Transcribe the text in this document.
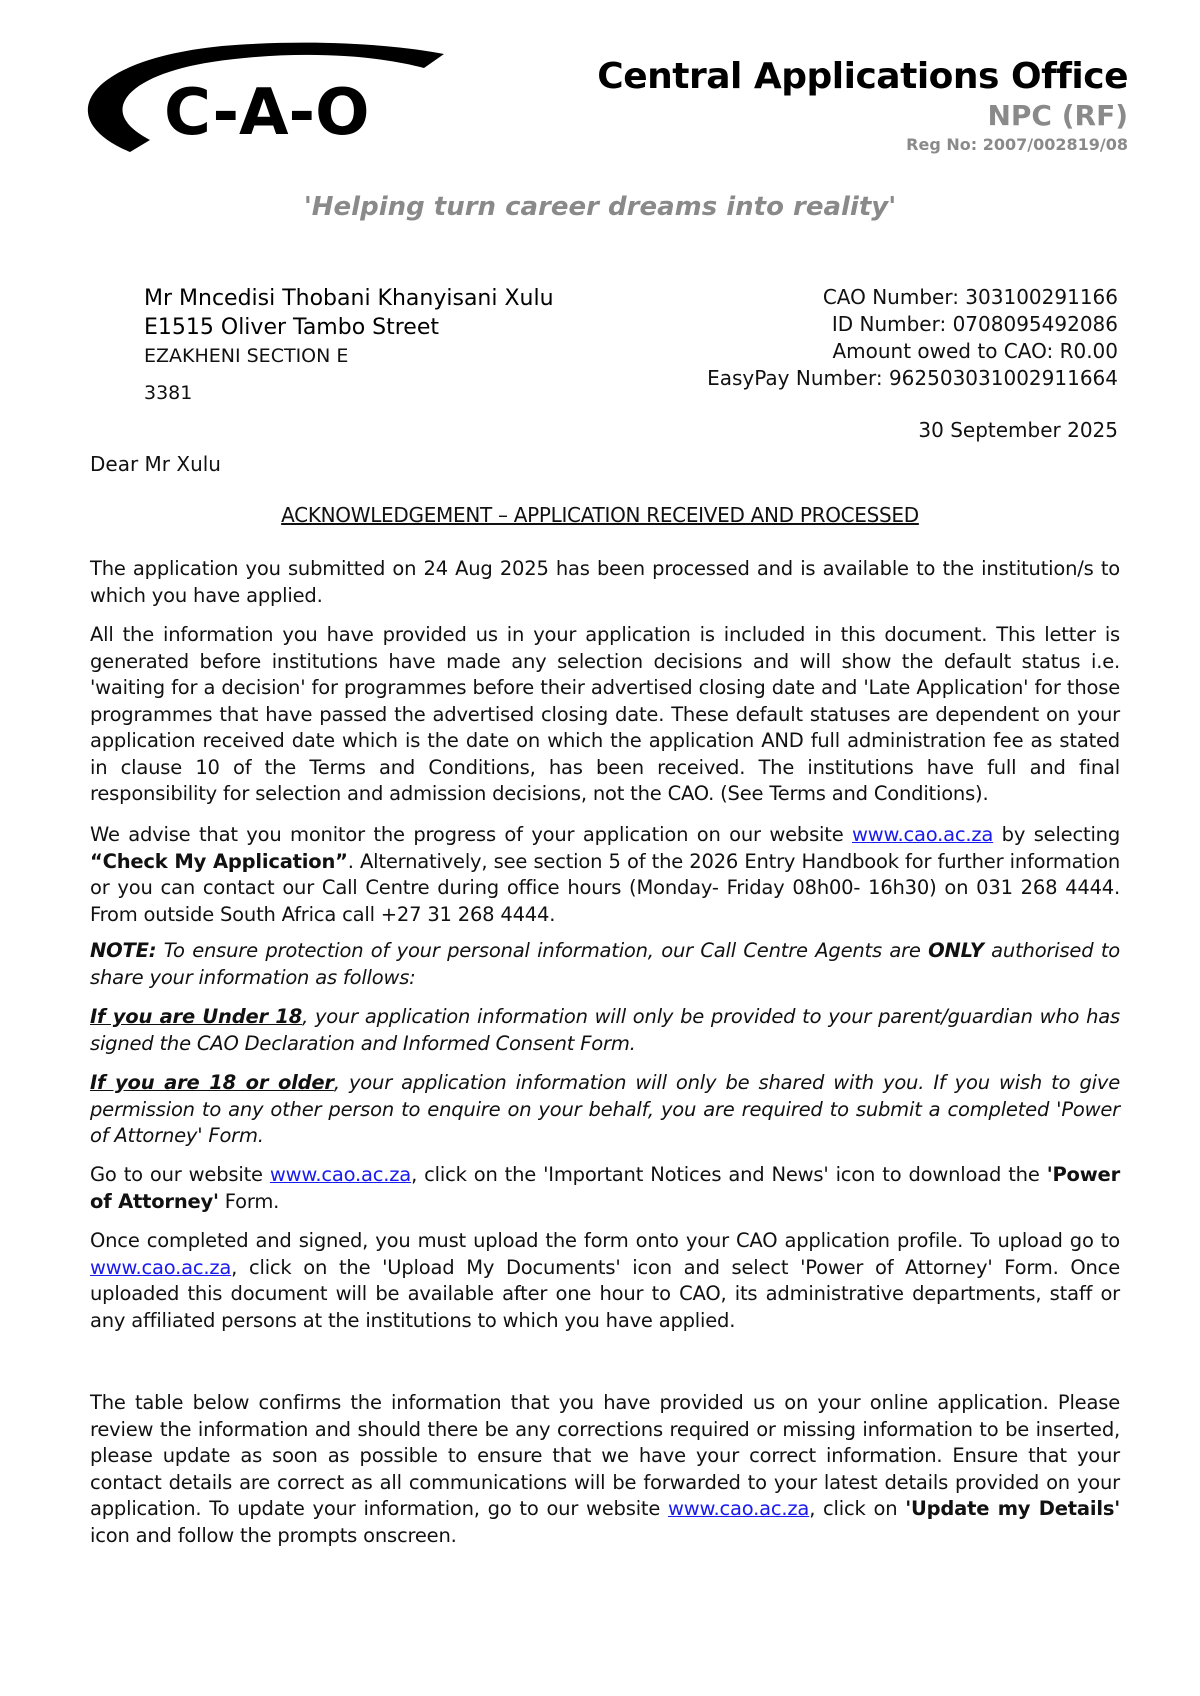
C-A-O	Central Applications Office
NPC (RF)
Reg No: 2007/002819/08
'Helping turn career dreams into reality'
Mr Mncedisi Thobani Khanyisani Xulu
E1515 Oliver Tambo Street
EZAKHENI SECTION E
3381
CAO Number: 303100291166
ID Number: 0708095492086
Amount owed to CAO: R0.00
EasyPay Number: 962503031002911664
30 September 2025
Dear Mr Xulu
ACKNOWLEDGEMENT – APPLICATION RECEIVED AND PROCESSED

The application you submitted on 24 Aug 2025 has been processed and is available to the institution/s to which you have applied.

All the information you have provided us in your application is included in this document. This letter is generated before institutions have made any selection decisions and will show the default status i.e. 'waiting for a decision' for programmes before their advertised closing date and 'Late Application' for those programmes that have passed the advertised closing date. These default statuses are dependent on your application received date which is the date on which the application AND full administration fee as stated in clause 10 of the Terms and Conditions, has been received. The institutions have full and final responsibility for selection and admission decisions, not the CAO. (See Terms and Conditions).

We advise that you monitor the progress of your application on our website www.cao.ac.za by selecting “Check My Application”. Alternatively, see section 5 of the 2026 Entry Handbook for further information or you can contact our Call Centre during office hours (Monday- Friday 08h00- 16h30) on 031 268 4444. From outside South Africa call +27 31 268 4444.

NOTE: To ensure protection of your personal information, our Call Centre Agents are ONLY authorised to share your information as follows:

If you are Under 18, your application information will only be provided to your parent/guardian who has signed the CAO Declaration and Informed Consent Form.

If you are 18 or older, your application information will only be shared with you. If you wish to give permission to any other person to enquire on your behalf, you are required to submit a completed 'Power of Attorney' Form.

Go to our website www.cao.ac.za, click on the 'Important Notices and News' icon to download the 'Power of Attorney' Form.

Once completed and signed, you must upload the form onto your CAO application profile. To upload go to www.cao.ac.za, click on the 'Upload My Documents' icon and select 'Power of Attorney' Form. Once uploaded this document will be available after one hour to CAO, its administrative departments, staff or any affiliated persons at the institutions to which you have applied.

The table below confirms the information that you have provided us on your online application. Please review the information and should there be any corrections required or missing information to be inserted, please update as soon as possible to ensure that we have your correct information. Ensure that your contact details are correct as all communications will be forwarded to your latest details provided on your application. To update your information, go to our website www.cao.ac.za, click on 'Update my Details' icon and follow the prompts onscreen.
